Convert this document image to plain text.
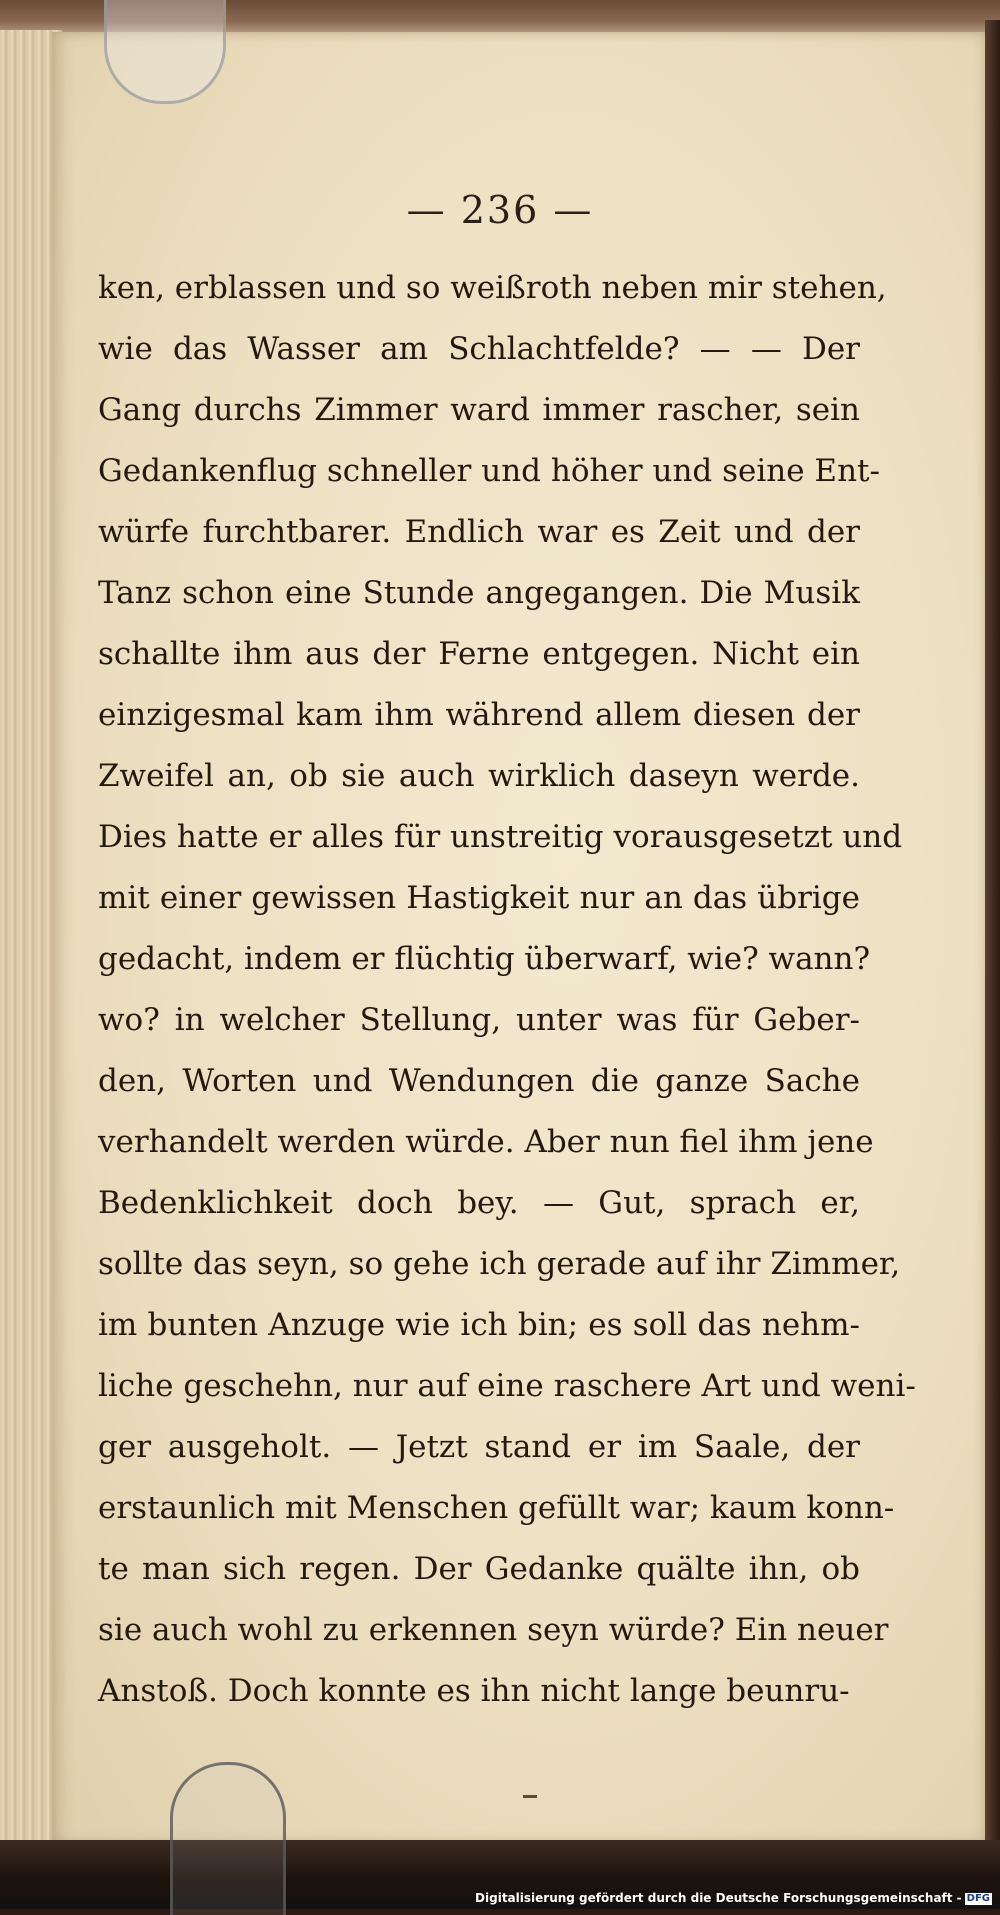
— 236 —
ken, erblassen und so weißroth neben mir stehen,
wie das Wasser am Schlachtfelde? — — Der
Gang durchs Zimmer ward immer rascher, sein
Gedankenflug schneller und höher und seine Ent-
würfe furchtbarer. Endlich war es Zeit und der
Tanz schon eine Stunde angegangen. Die Musik
schallte ihm aus der Ferne entgegen. Nicht ein
einzigesmal kam ihm während allem diesen der
Zweifel an, ob sie auch wirklich daseyn werde.
Dies hatte er alles für unstreitig vorausgesetzt und
mit einer gewissen Hastigkeit nur an das übrige
gedacht, indem er flüchtig überwarf, wie? wann?
wo? in welcher Stellung, unter was für Geber-
den, Worten und Wendungen die ganze Sache
verhandelt werden würde. Aber nun fiel ihm jene
Bedenklichkeit doch bey. — Gut, sprach er,
sollte das seyn, so gehe ich gerade auf ihr Zimmer,
im bunten Anzuge wie ich bin; es soll das nehm-
liche geschehn, nur auf eine raschere Art und weni-
ger ausgeholt. — Jetzt stand er im Saale, der
erstaunlich mit Menschen gefüllt war; kaum konn-
te man sich regen. Der Gedanke quälte ihn, ob
sie auch wohl zu erkennen seyn würde? Ein neuer
Anstoß. Doch konnte es ihn nicht lange beunru-
Digitalisierung gefördert durch die Deutsche Forschungsgemeinschaft - DFG
